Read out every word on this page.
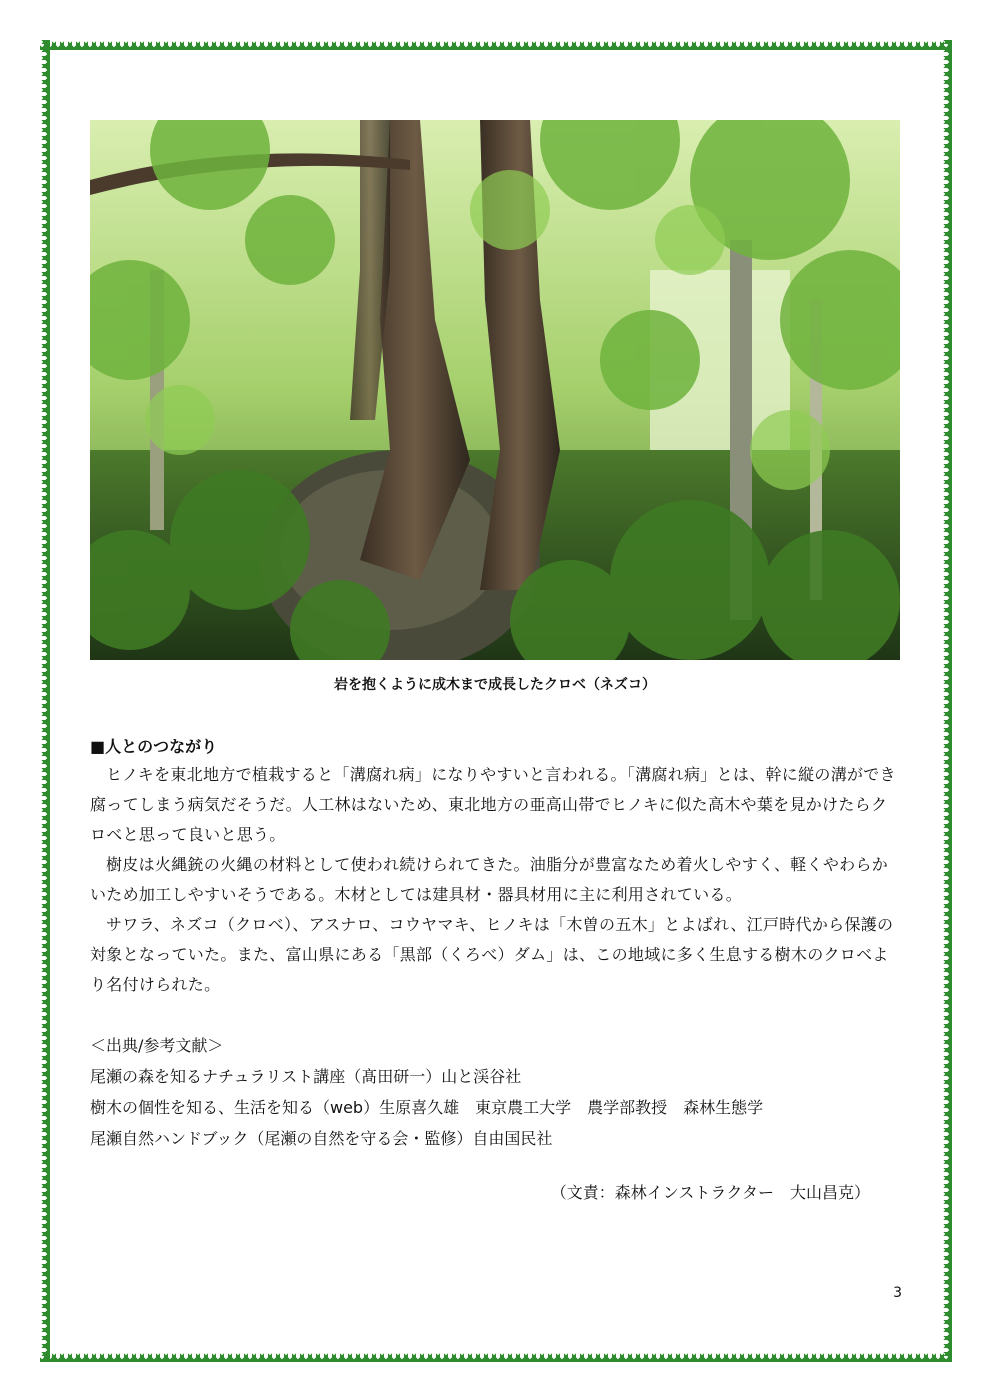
岩を抱くように成木まで成長したクロベ（ネズコ）
■人とのつながり

ヒノキを東北地方で植栽すると「溝腐れ病」になりやすいと言われる。「溝腐れ病」とは、幹に縦の溝ができ腐ってしまう病気だそうだ。人工林はないため、東北地方の亜高山帯でヒノキに似た高木や葉を見かけたらクロベと思って良いと思う。

樹皮は火縄銃の火縄の材料として使われ続けられてきた。油脂分が豊富なため着火しやすく、軽くやわらかいため加工しやすいそうである。木材としては建具材・器具材用に主に利用されている。

サワラ、ネズコ（クロベ）、アスナロ、コウヤマキ、ヒノキは「木曽の五木」とよばれ、江戸時代から保護の対象となっていた。また、富山県にある「黒部（くろべ）ダム」は、この地域に多く生息する樹木のクロベより名付けられた。

＜出典/参考文献＞
尾瀬の森を知るナチュラリスト講座（髙田研一）山と渓谷社
樹木の個性を知る、生活を知る（web）生原喜久雄　東京農工大学　農学部教授　森林生態学
尾瀬自然ハンドブック（尾瀬の自然を守る会・監修）自由国民社
（文責：森林インストラクター　大山昌克）
3
